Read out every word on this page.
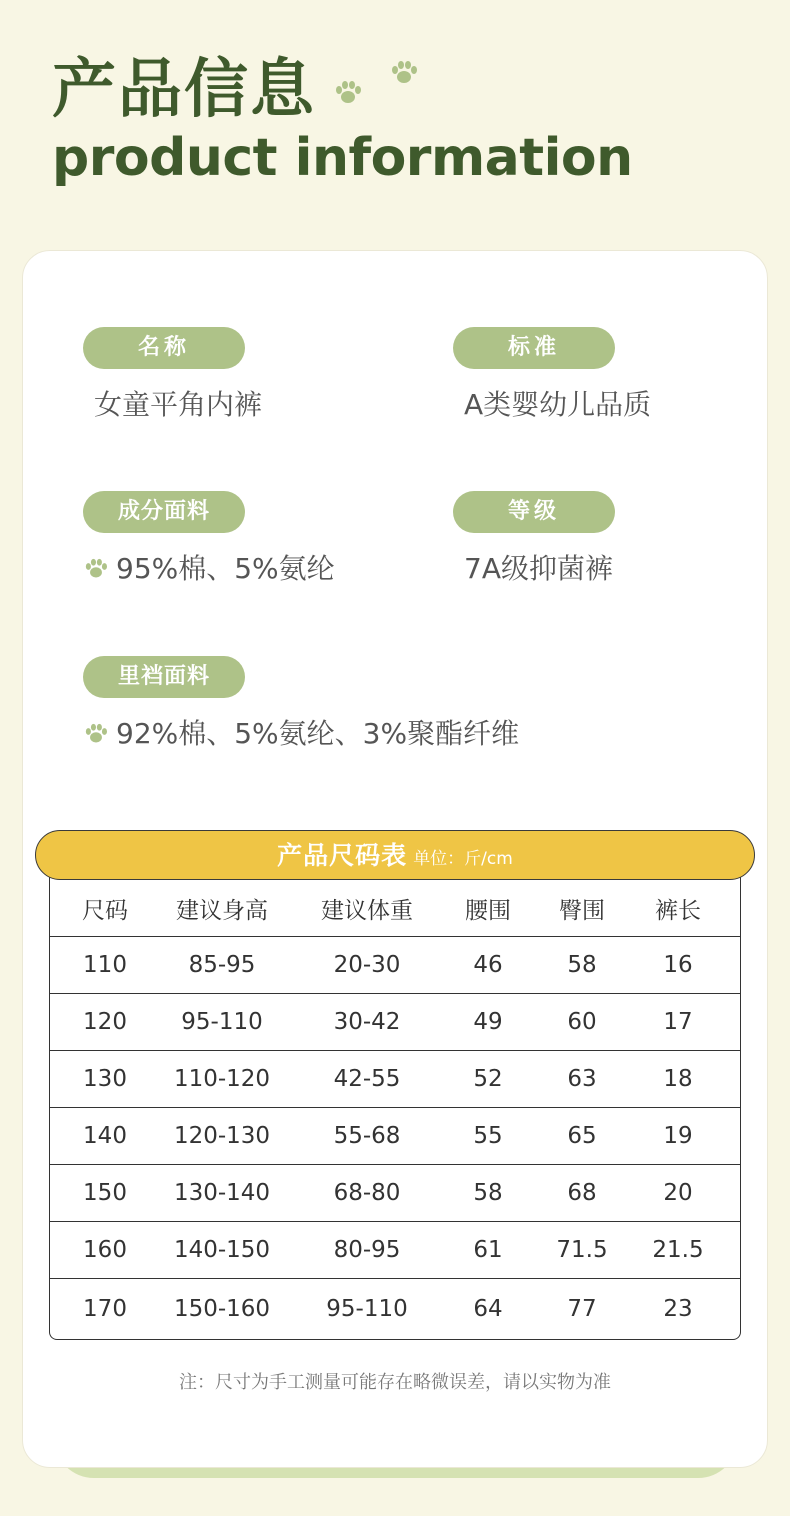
产品信息
product information
名称
女童平角内裤
标准
A类婴幼儿品质
成分面料
95%棉、5%氨纶
等级
7A级抑菌裤
里裆面料
92%棉、5%氨纶、3%聚酯纤维
产品尺码表 单位：斤/cm
尺码	建议身高	建议体重	腰围	臀围	裤长
110	85-95	20-30	46	58	16
120	95-110	30-42	49	60	17
130	110-120	42-55	52	63	18
140	120-130	55-68	55	65	19
150	130-140	68-80	58	68	20
160	140-150	80-95	61	71.5	21.5
170	150-160	95-110	64	77	23
注：尺寸为手工测量可能存在略微误差，请以实物为准
